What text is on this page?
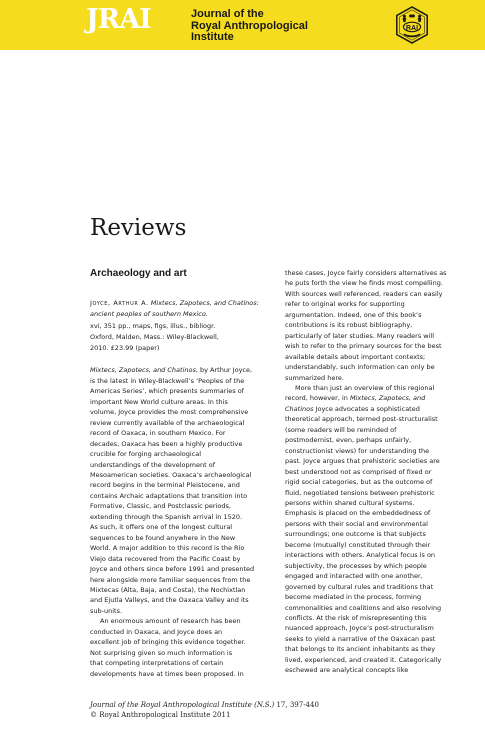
JRAI	Journal of the
Royal Anthropological
Institute
RAI
Reviews
Archaeology and art

Joyce, Arthur A. Mixtecs, Zapotecs, and Chatinos: ancient peoples of southern Mexico.

xvi, 351 pp., maps, figs, illus., bibliogr.

Oxford, Malden, Mass.: Wiley-Blackwell,

2010. £23.99 (paper)

Mixtecs, Zapotecs, and Chatinos, by Arthur Joyce,

is the latest in Wiley-Blackwell’s ‘Peoples of the

Americas Series’, which presents summaries of

important New World culture areas. In this

volume, Joyce provides the most comprehensive

review currently available of the archaeological

record of Oaxaca, in southern Mexico. For

decades, Oaxaca has been a highly productive

crucible for forging archaeological

understandings of the development of

Mesoamerican societies. Oaxaca’s archaeological

record begins in the terminal Pleistocene, and

contains Archaic adaptations that transition into

Formative, Classic, and Postclassic periods,

extending through the Spanish arrival in 1520.

As such, it offers one of the longest cultural

sequences to be found anywhere in the New

World. A major addition to this record is the Río

Viejo data recovered from the Pacific Coast by

Joyce and others since before 1991 and presented

here alongside more familiar sequences from the

Mixtecas (Alta, Baja, and Costa), the Nochixtlan

and Ejutla Valleys, and the Oaxaca Valley and its

sub-units.

An enormous amount of research has been

conducted in Oaxaca, and Joyce does an

excellent job of bringing this evidence together.

Not surprising given so much information is

that competing interpretations of certain

developments have at times been proposed. In

these cases, Joyce fairly considers alternatives as

he puts forth the view he finds most compelling.

With sources well referenced, readers can easily

refer to original works for supporting

argumentation. Indeed, one of this book’s

contributions is its robust bibliography,

particularly of later studies. Many readers will

wish to refer to the primary sources for the best

available details about important contexts;

understandably, such information can only be

summarized here.

More than just an overview of this regional

record, however, in Mixtecs, Zapotecs, and

Chatinos Joyce advocates a sophisticated

theoretical approach, termed post-structuralist

(some readers will be reminded of

postmodernist, even, perhaps unfairly,

constructionist views) for understanding the

past. Joyce argues that prehistoric societies are

best understood not as comprised of fixed or

rigid social categories, but as the outcome of

fluid, negotiated tensions between prehistoric

persons within shared cultural systems.

Emphasis is placed on the embeddedness of

persons with their social and environmental

surroundings; one outcome is that subjects

become (mutually) constituted through their

interactions with others. Analytical focus is on

subjectivity, the processes by which people

engaged and interacted with one another,

governed by cultural rules and traditions that

become mediated in the process, forming

commonalities and coalitions and also resolving

conflicts. At the risk of misrepresenting this

nuanced approach, Joyce’s post-structuralism

seeks to yield a narrative of the Oaxacan past

that belongs to its ancient inhabitants as they

lived, experienced, and created it. Categorically

eschewed are analytical concepts like

Journal of the Royal Anthropological Institute (N.S.) 17, 397-440
© Royal Anthropological Institute 2011
